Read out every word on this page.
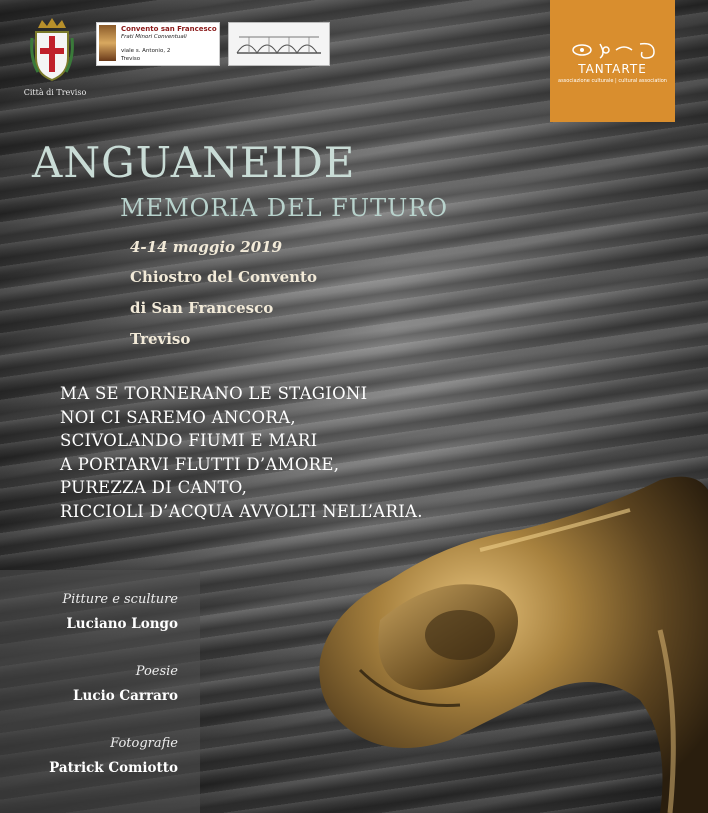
Città di Treviso
Convento san Francesco
Frati Minori Conventuali
viale s. Antonio, 2
Treviso
TANTARTE
associazione culturale | cultural association
ANGUANEIDE
MEMORIA DEL FUTURO
4-14 maggio 2019
Chiostro del Convento
di San Francesco
Treviso
MA SE TORNERANO LE STAGIONI
NOI CI SAREMO ANCORA,
SCIVOLANDO FIUMI E MARI
A PORTARVI FLUTTI D’AMORE,
PUREZZA DI CANTO,
RICCIOLI D’ACQUA AVVOLTI NELL’ARIA.
Pitture e sculture
Luciano Longo
Poesie
Lucio Carraro
Fotografie
Patrick Comiotto
